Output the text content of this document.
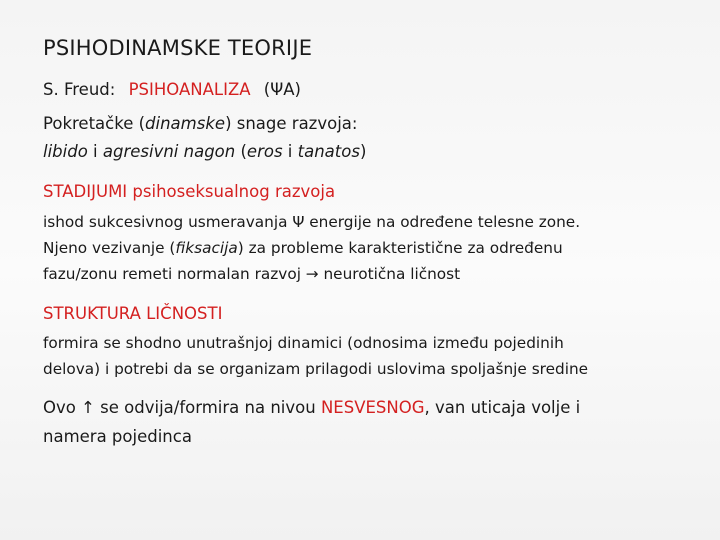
PSIHODINAMSKE TEORIJE
S. Freud: PSIHOANALIZA (ΨA)
Pokretačke (dinamske) snage razvoja:
libido i agresivni nagon (eros i tanatos)
STADIJUMI psihoseksualnog razvoja
ishod sukcesivnog usmeravanja Ψ energije na određene telesne zone.
Njeno vezivanje (fiksacija) za probleme karakteristične za određenu
fazu/zonu remeti normalan razvoj → neurotična ličnost
STRUKTURA LIČNOSTI
formira se shodno unutrašnjoj dinamici (odnosima između pojedinih
delova) i potrebi da se organizam prilagodi uslovima spoljašnje sredine
Ovo ↑ se odvija/formira na nivou NESVESNOG, van uticaja volje i
namera pojedinca
